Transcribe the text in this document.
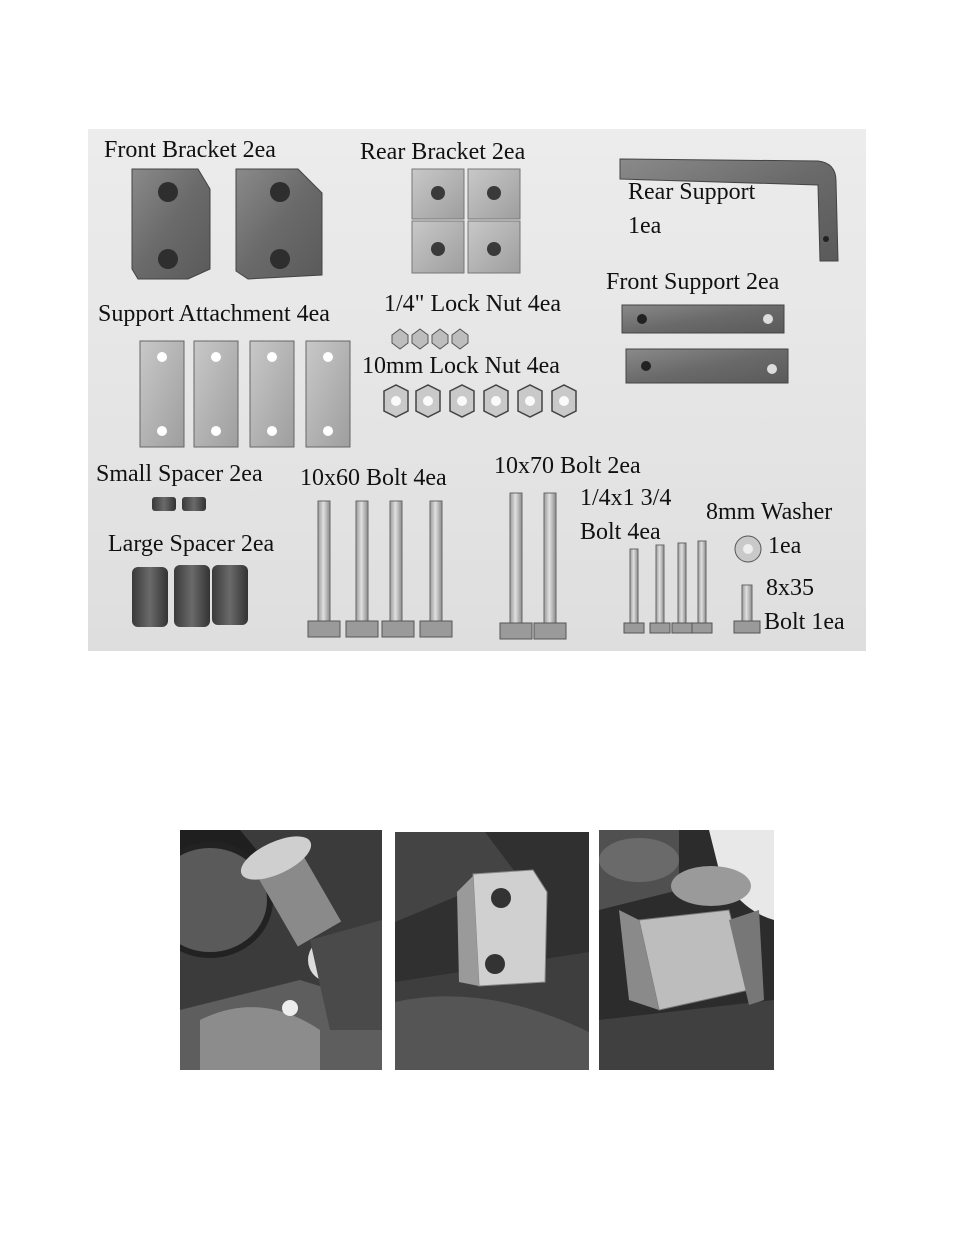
Front Bracket 2ea	Rear Bracket 2ea
Rear Support
1ea
Front Support 2ea
Support Attachment 4ea 1/4" Lock Nut 4ea
10mm Lock Nut 4ea
Small Spacer 2ea 10x60 Bolt 4ea 10x70 Bolt 2ea
1/4x1 3/4
Bolt 4ea
8mm Washer
1ea
Large Spacer 2ea
8x35
Bolt 1ea
